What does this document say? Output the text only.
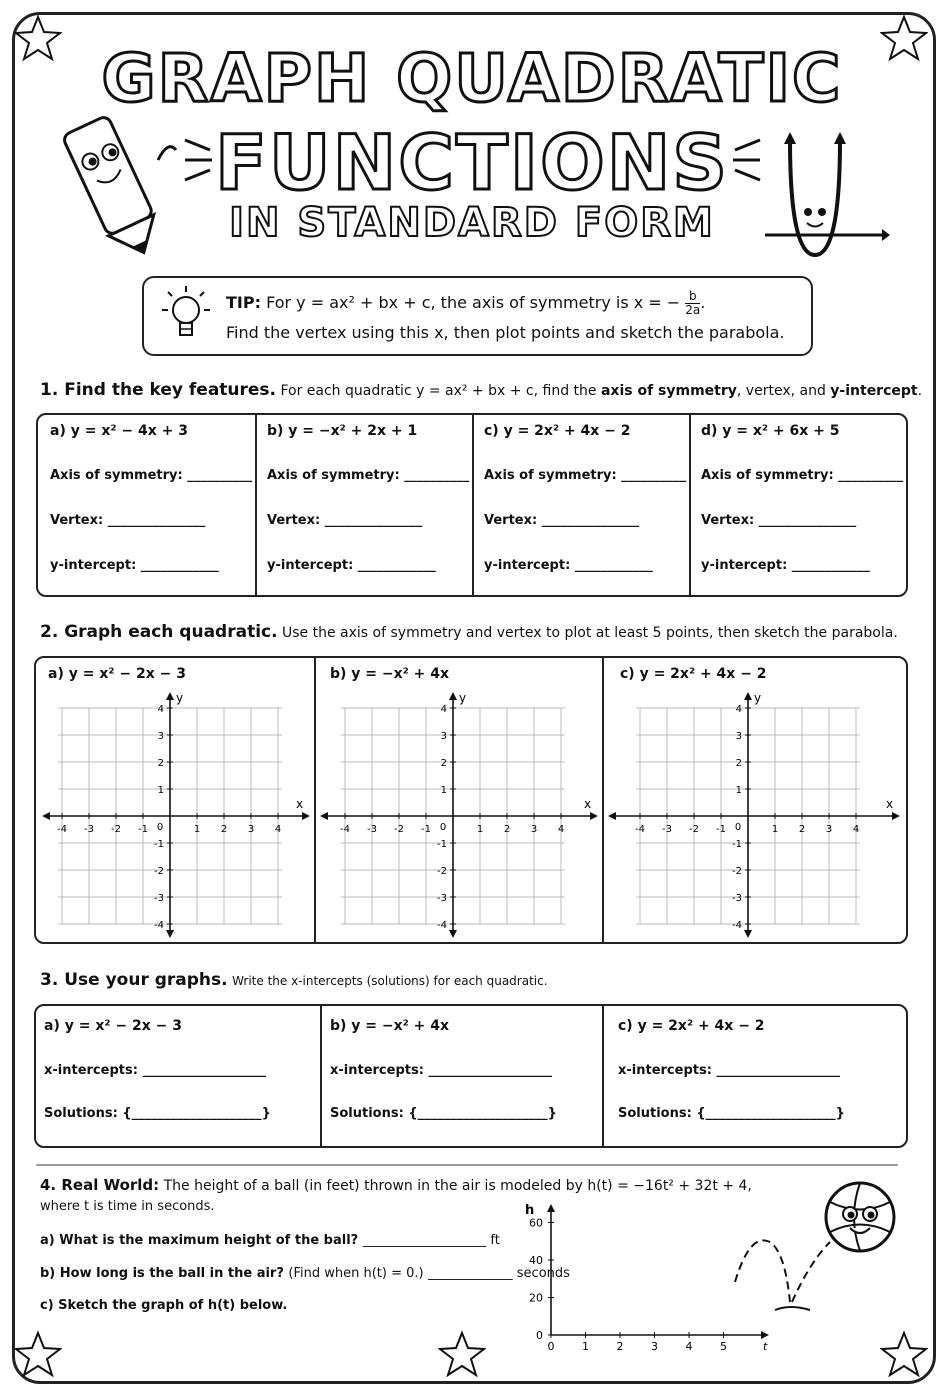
GRAPH QUADRATIC
FUNCTIONS
IN STANDARD FORM
TIP: For y = ax² + bx + c, the axis of symmetry is x = − $\frac{b}{2a}$.
Find the vertex using this x, then plot points and sketch the parabola.
1. Find the key features. For each quadratic y = ax² + bx + c, find the axis of symmetry, vertex, and y-intercept.
a) y = x² − 4x + 3
Axis of symmetry: __________
Vertex: _______________
y-intercept: ____________
b) y = −x² + 2x + 1
Axis of symmetry: __________
Vertex: _______________
y-intercept: ____________
c) y = 2x² + 4x − 2
Axis of symmetry: __________
Vertex: _______________
y-intercept: ____________
d) y = x² + 6x + 5
Axis of symmetry: __________
Vertex: _______________
y-intercept: ____________
2. Graph each quadratic. Use the axis of symmetry and vertex to plot at least 5 points, then sketch the parabola.
a) y = x² − 2x − 3
x
y
-4 -3 -2 -1	1 2 3 4
4
3
2
1
-1
-2
-3
-4
0
b) y = −x² + 4x
x
y
-4 -3 -2 -1	1 2 3 4
4
3
2
1
-1
-2
-3
-4
0
c) y = 2x² + 4x − 2
x
y
-4 -3 -2 -1	1 2 3 4
4
3
2
1
-1
-2
-3
-4
0
3. Use your graphs. Write the x-intercepts (solutions) for each quadratic.
a) y = x² − 2x − 3
x-intercepts: ___________________
Solutions: {____________________}
b) y = −x² + 4x
x-intercepts: ___________________
Solutions: {____________________}
c) y = 2x² + 4x − 2
x-intercepts: ___________________
Solutions: {____________________}
4. Real World: The height of a ball (in feet) thrown in the air is modeled by h(t) = −16t² + 32t + 4,
where t is time in seconds.
a) What is the maximum height of the ball? ___________________ ft
b) How long is the ball in the air? (Find when h(t) = 0.) _____________ seconds
c) Sketch the graph of h(t) below.
h
t
60
40
20
0
0	1	2	3	4	5
